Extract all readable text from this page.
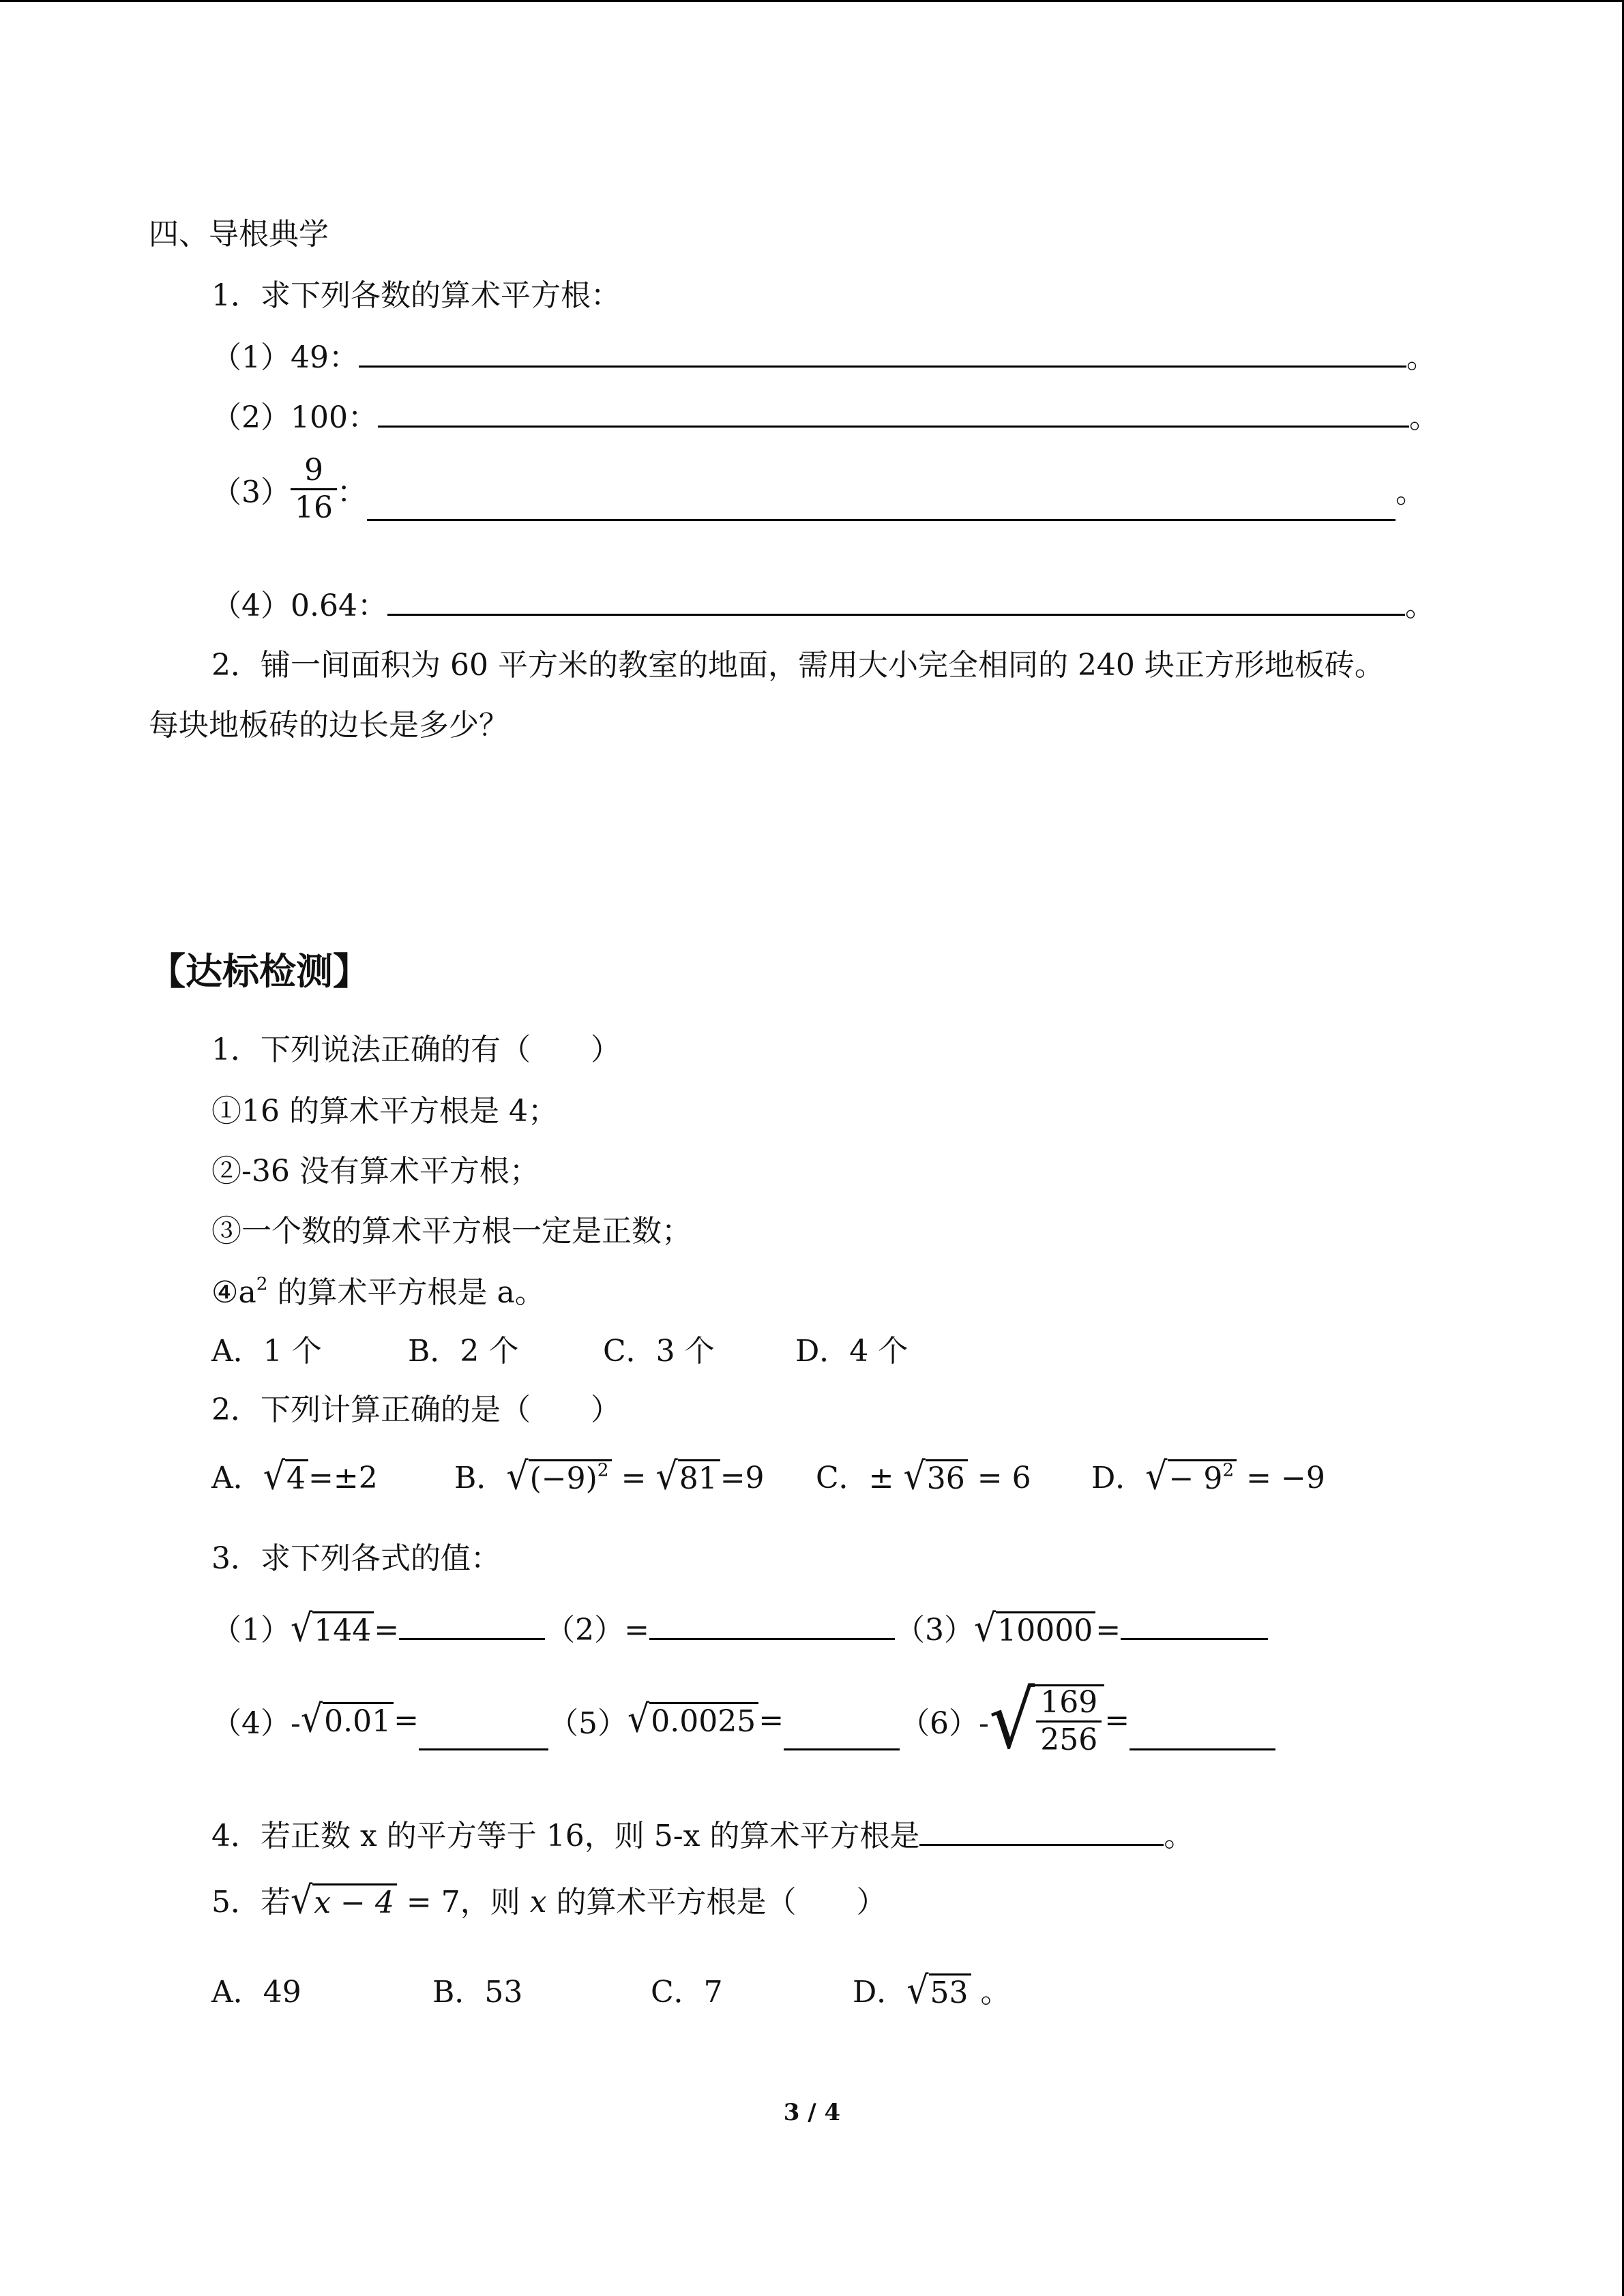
四、导根典学
1．求下列各数的算术平方根：
（1）49：	。
（2）100：	。
$(3) \frac{9}{16}$ ：	。
（4）0.64：	。
2．铺一间面积为 60 平方米的教室的地面，需用大小完全相同的 240 块正方形地板砖。
每块地板砖的边长是多少？
【达标检测】
1．下列说法正确的有（　　）
①16 的算术平方根是 4；
②-36 没有算术平方根；
③一个数的算术平方根一定是正数；
$④a^2$ 的算术平方根是 a。
A．1 个	B．2 个	C．3 个	D．4 个
2．下列计算正确的是（　　）
A． √ 4 =±2	B． √ $(-9)^2$ = √ 81 =9 C．± √ 36 = 6 D． √ − $9^2 = -9$
3．求下列各式的值：
（1） √ 144 =	（2）=	（3） √ 10000 =
（4）- √ 0.01 =	（5） √ 0.0025 =	（6）- √ $\frac{169}{256}$ =
4．若正数 x 的平方等于 16，则 5-x 的算术平方根是	。
5．若 √ x − 4 = 7，则 x 的算术平方根是（　　）
A．49	B．53	C．7	D． √ 53 。
3 / 4
